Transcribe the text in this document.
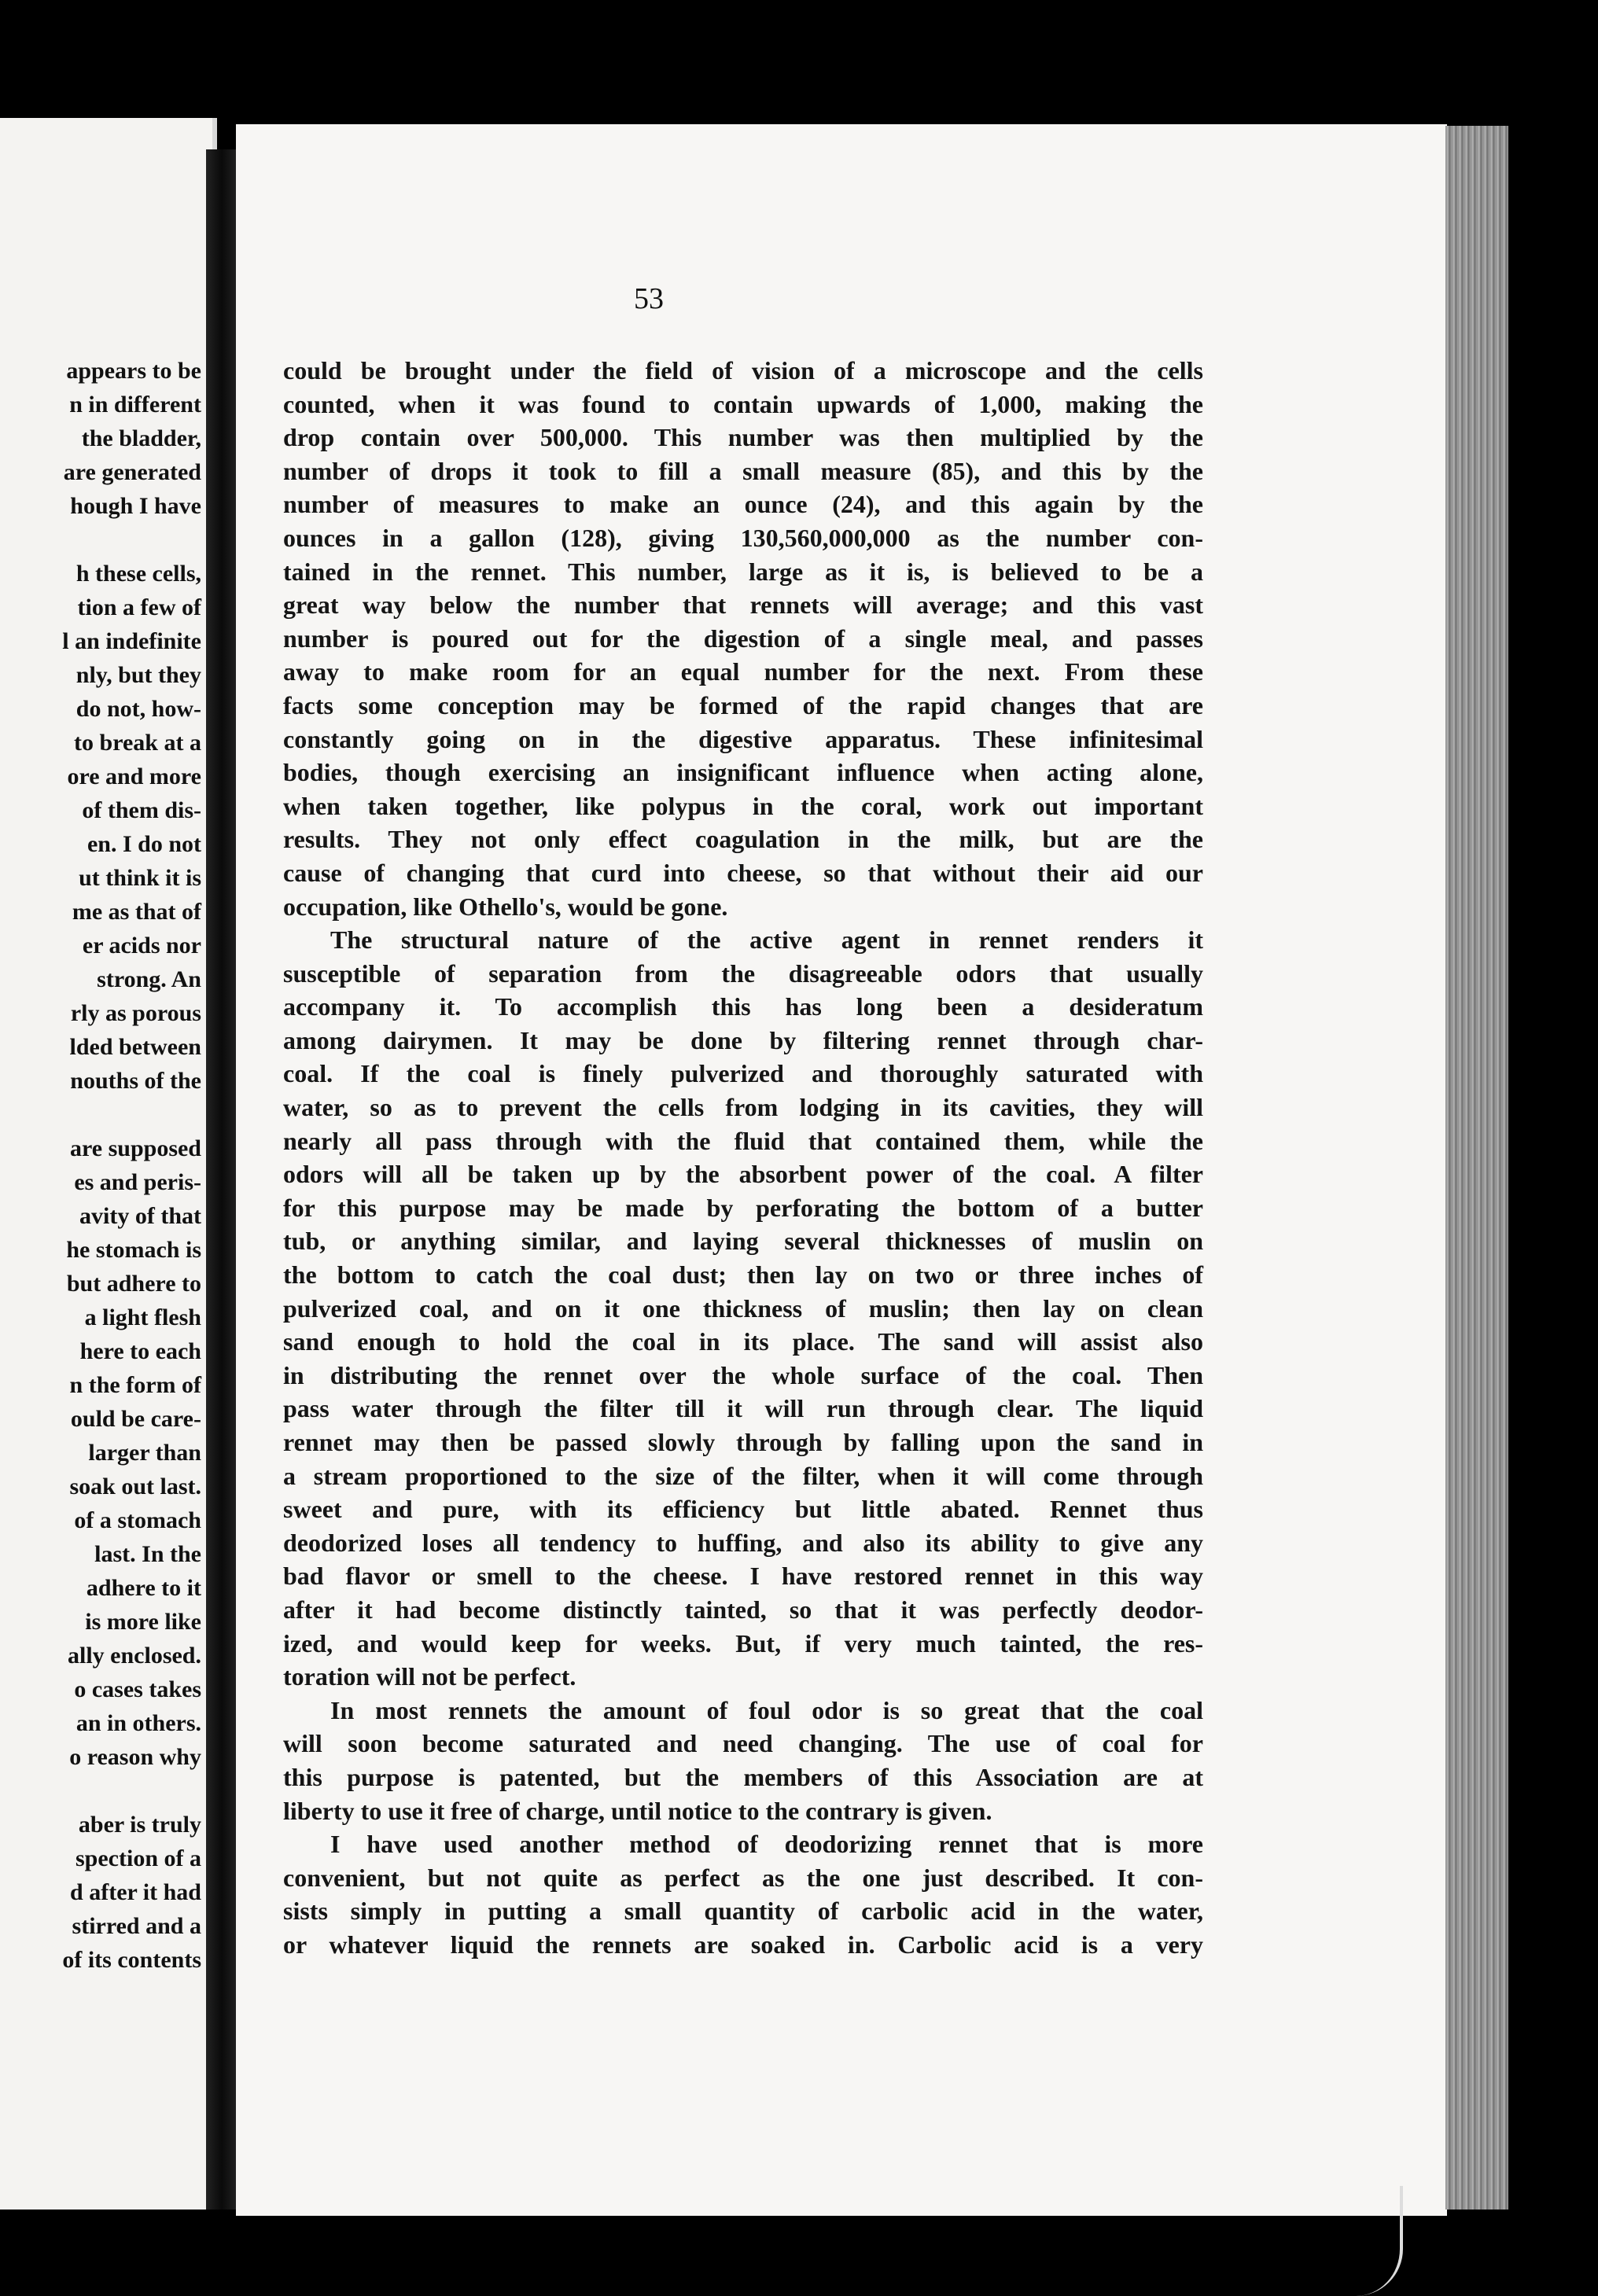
appears to be
n in different
the bladder,
are generated
hough I have

h these cells,
tion a few of
l an indefinite
nly, but they
do not, how-
to break at a
ore and more
of them dis-
en. I do not
ut think it is
me as that of
er acids nor
strong. An
rly as porous
lded between
nouths of the

are supposed
es and peris-
avity of that
he stomach is
but adhere to
a light flesh
here to each
n the form of
ould be care-
larger than
soak out last.
of a stomach
last. In the
adhere to it
is more like
ally enclosed.
o cases takes
an in others.
o reason why

aber is truly
spection of a
d after it had
stirred and a
of its contents
53
could be brought under the field of vision of a microscope and the cells
counted, when it was found to contain upwards of 1,000, making the
drop contain over 500,000. This number was then multiplied by the
number of drops it took to fill a small measure (85), and this by the
number of measures to make an ounce (24), and this again by the
ounces in a gallon (128), giving 130,560,000,000 as the number con-
tained in the rennet. This number, large as it is, is believed to be a
great way below the number that rennets will average; and this vast
number is poured out for the digestion of a single meal, and passes
away to make room for an equal number for the next. From these
facts some conception may be formed of the rapid changes that are
constantly going on in the digestive apparatus. These infinitesimal
bodies, though exercising an insignificant influence when acting alone,
when taken together, like polypus in the coral, work out important
results. They not only effect coagulation in the milk, but are the
cause of changing that curd into cheese, so that without their aid our
occupation, like Othello's, would be gone.
The structural nature of the active agent in rennet renders it
susceptible of separation from the disagreeable odors that usually
accompany it. To accomplish this has long been a desideratum
among dairymen. It may be done by filtering rennet through char-
coal. If the coal is finely pulverized and thoroughly saturated with
water, so as to prevent the cells from lodging in its cavities, they will
nearly all pass through with the fluid that contained them, while the
odors will all be taken up by the absorbent power of the coal. A filter
for this purpose may be made by perforating the bottom of a butter
tub, or anything similar, and laying several thicknesses of muslin on
the bottom to catch the coal dust; then lay on two or three inches of
pulverized coal, and on it one thickness of muslin; then lay on clean
sand enough to hold the coal in its place. The sand will assist also
in distributing the rennet over the whole surface of the coal. Then
pass water through the filter till it will run through clear. The liquid
rennet may then be passed slowly through by falling upon the sand in
a stream proportioned to the size of the filter, when it will come through
sweet and pure, with its efficiency but little abated. Rennet thus
deodorized loses all tendency to huffing, and also its ability to give any
bad flavor or smell to the cheese. I have restored rennet in this way
after it had become distinctly tainted, so that it was perfectly deodor-
ized, and would keep for weeks. But, if very much tainted, the res-
toration will not be perfect.
In most rennets the amount of foul odor is so great that the coal
will soon become saturated and need changing. The use of coal for
this purpose is patented, but the members of this Association are at
liberty to use it free of charge, until notice to the contrary is given.
I have used another method of deodorizing rennet that is more
convenient, but not quite as perfect as the one just described. It con-
sists simply in putting a small quantity of carbolic acid in the water,
or whatever liquid the rennets are soaked in. Carbolic acid is a very
